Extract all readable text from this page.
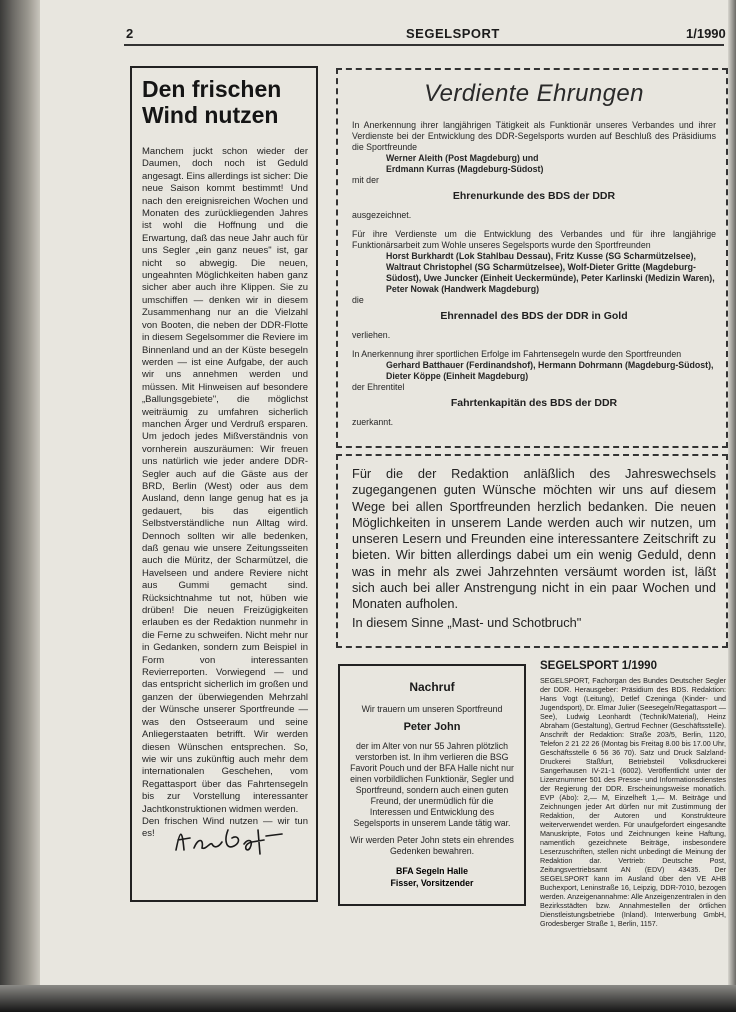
2	SEGELSPORT	1/1990
Den frischen Wind nutzen

Manchem juckt schon wieder der Daumen, doch noch ist Geduld angesagt. Eins allerdings ist sicher: Die neue Saison kommt bestimmt! Und nach den ereignisreichen Wochen und Monaten des zurückliegenden Jahres ist wohl die Hoffnung und die Erwartung, daß das neue Jahr auch für uns Segler „ein ganz neues" ist, gar nicht so abwegig. Die neuen, ungeahnten Möglichkeiten haben ganz sicher aber auch ihre Klippen. Sie zu umschiffen — denken wir in diesem Zusammenhang nur an die Vielzahl von Booten, die neben der DDR-Flotte in diesem Segelsommer die Reviere im Binnenland und an der Küste besegeln werden — ist eine Aufgabe, der auch wir uns annehmen werden und müssen. Mit Hinweisen auf besondere „Ballungsgebiete", die möglichst weiträumig zu umfahren sicherlich manchen Ärger und Verdruß ersparen. Um jedoch jedes Mißverständnis von vornherein auszuräumen: Wir freuen uns natürlich wie jeder andere DDR-Segler auch auf die Gäste aus der BRD, Berlin (West) oder aus dem Ausland, denn lange genug hat es ja gedauert, bis das eigentlich Selbstverständliche nun Alltag wird. Dennoch sollten wir alle bedenken, daß genau wie unsere Zeitungsseiten auch die Müritz, der Scharmützel, die Havelseen und andere Reviere nicht aus Gummi gemacht sind. Rücksichtnahme tut not, hüben wie drüben! Die neuen Freizügigkeiten erlauben es der Redaktion nunmehr in die Ferne zu schweifen. Nicht mehr nur in Gedanken, sondern zum Beispiel in Form von interessanten Revierreporten. Vorwiegend — und das entspricht sicherlich im großen und ganzen der überwiegenden Mehrzahl der Wünsche unserer Sportfreunde — was den Ostseeraum und seine Anliegerstaaten betrifft. Wir werden diesen Wünschen entsprechen. So, wie wir uns zukünftig auch mehr dem internationalen Geschehen, vom Regattasport über das Fahrtensegeln bis zur Vorstellung interessanter Jachtkonstruktionen widmen werden.

Den frischen Wind nutzen — wir tun es!

Verdiente Ehrungen

In Anerkennung ihrer langjährigen Tätigkeit als Funktionär unseres Verbandes und ihrer Verdienste bei der Entwicklung des DDR-Segelsports wurden auf Beschluß des Präsidiums die Sportfreunde

Werner Aleith (Post Magdeburg) und

Erdmann Kurras (Magdeburg-Südost)

mit der

Ehrenurkunde des BDS der DDR

ausgezeichnet.

Für ihre Verdienste um die Entwicklung des Verbandes und für ihre langjährige Funktionärsarbeit zum Wohle unseres Segelsports wurde den Sportfreunden

Horst Burkhardt (Lok Stahlbau Dessau), Fritz Kusse (SG Scharmützelsee), Waltraut Christophel (SG Scharmützelsee), Wolf-Dieter Gritte (Magdeburg-Südost), Uwe Juncker (Einheit Ueckermünde), Peter Karlinski (Medizin Waren), Peter Nowak (Handwerk Magdeburg)

die

Ehrennadel des BDS der DDR in Gold

verliehen.

In Anerkennung ihrer sportlichen Erfolge im Fahrtensegeln wurde den Sportfreunden

Gerhard Batthauer (Ferdinandshof), Hermann Dohrmann (Magdeburg-Südost), Dieter Köppe (Einheit Magdeburg)

der Ehrentitel

Fahrtenkapitän des BDS der DDR

zuerkannt.

Für die der Redaktion anläßlich des Jahreswechsels zugegangenen guten Wünsche möchten wir uns auf diesem Wege bei allen Sportfreunden herzlich bedanken. Die neuen Möglichkeiten in unserem Lande werden auch wir nutzen, um unseren Lesern und Freunden eine interessantere Zeitschrift zu bieten. Wir bitten allerdings dabei um ein wenig Geduld, denn was in mehr als zwei Jahrzehnten versäumt worden ist, läßt sich auch bei aller Anstrengung nicht in ein paar Wochen und Monaten aufholen.

In diesem Sinne „Mast- und Schotbruch"

Nachruf

Wir trauern um unseren Sportfreund

Peter John

der im Alter von nur 55 Jahren plötzlich verstorben ist. In ihm verlieren die BSG Favorit Pouch und der BFA Halle nicht nur einen vorbildlichen Funktionär, Segler und Sportfreund, sondern auch einen guten Freund, der unermüdlich für die Interessen und Entwicklung des Segelsports in unserem Lande tätig war.

Wir werden Peter John stets ein ehrendes Gedenken bewahren.

BFA Segeln Halle
Fisser, Vorsitzender
SEGELSPORT 1/1990

SEGELSPORT, Fachorgan des Bundes Deutscher Segler der DDR. Herausgeber: Präsidium des BDS. Redaktion: Hans Vogt (Leitung), Detlef Czeninga (Kinder- und Jugendsport), Dr. Elmar Julier (Seesegeln/Regattasport — See), Ludwig Leonhardt (Technik/Material), Heinz Abraham (Gestaltung), Gertrud Fechner (Geschäftsstelle). Anschrift der Redaktion: Straße 203/5, Berlin, 1120, Telefon 2 21 22 26 (Montag bis Freitag 8.00 bis 17.00 Uhr, Geschäftsstelle 6 56 36 70). Satz und Druck Salzland-Druckerei Staßfurt, Betriebsteil Volksdruckerei Sangerhausen IV-21-1 (6002). Veröffentlicht unter der Lizenznummer 501 des Presse- und Informationsdienstes der Regierung der DDR. Erscheinungsweise monatlich. EVP (Abo): 2,— M, Einzelheft 1,— M. Beiträge und Zeichnungen jeder Art dürfen nur mit Zustimmung der Redaktion, der Autoren und Konstrukteure weiterverwendet werden. Für unaufgefordert eingesandte Manuskripte, Fotos und Zeichnungen keine Haftung, namentlich gezeichnete Beiträge, insbesondere Leserzuschriften, stellen nicht unbedingt die Meinung der Redaktion dar. Vertrieb: Deutsche Post, Zeitungsvertriebsamt AN (EDV) 43435. Der SEGELSPORT kann im Ausland über den VE AHB Buchexport, Leninstraße 16, Leipzig, DDR-7010, bezogen werden. Anzeigenannahme: Alle Anzeigenzentralen in den Bezirksstädten bzw. Annahmestellen der örtlichen Dienstleistungsbetriebe (Inland). Interwerbung GmbH, Grodesberger Straße 1, Berlin, 1157.
